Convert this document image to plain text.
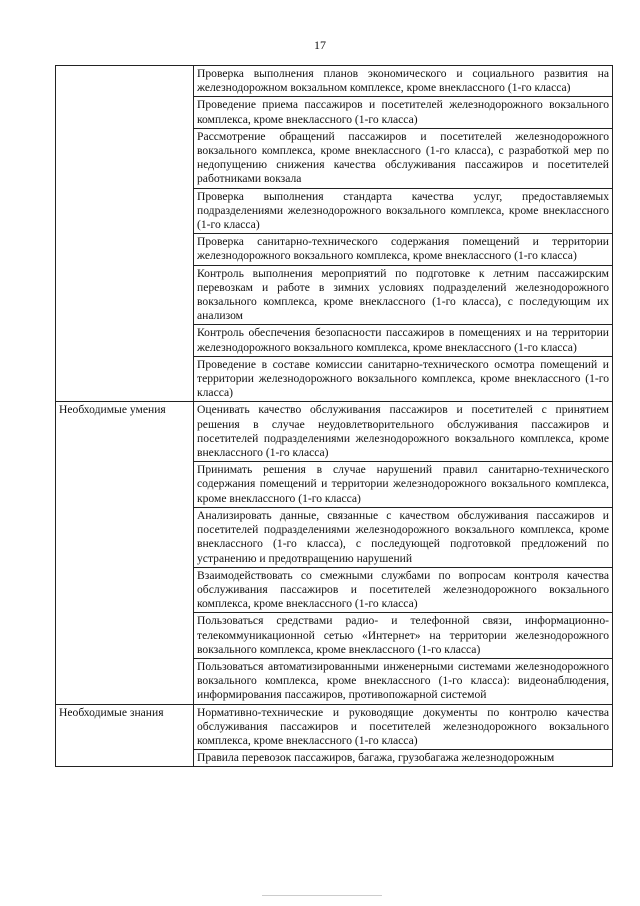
17
	Проверка выполнения планов экономического и социального развития на железнодорожном вокзальном комплексе, кроме внеклассного (1-го класса)
	Проведение приема пассажиров и посетителей железнодорожного вокзального комплекса, кроме внеклассного (1-го класса)
	Рассмотрение обращений пассажиров и посетителей железнодорожного вокзального комплекса, кроме внеклассного (1-го класса), с разработкой мер по недопущению снижения качества обслуживания пассажиров и посетителей работниками вокзала
	Проверка выполнения стандарта качества услуг, предоставляемых подразделениями железнодорожного вокзального комплекса, кроме внеклассного (1-го класса)
	Проверка санитарно-технического содержания помещений и территории железнодорожного вокзального комплекса, кроме внеклассного (1-го класса)
	Контроль выполнения мероприятий по подготовке к летним пассажирским перевозкам и работе в зимних условиях подразделений железнодорожного вокзального комплекса, кроме внеклассного (1-го класса), с последующим их анализом
	Контроль обеспечения безопасности пассажиров в помещениях и на территории железнодорожного вокзального комплекса, кроме внеклассного (1-го класса)
	Проведение в составе комиссии санитарно-технического осмотра помещений и территории железнодорожного вокзального комплекса, кроме внеклассного (1-го класса)
Необходимые умения	Оценивать качество обслуживания пассажиров и посетителей с принятием решения в случае неудовлетворительного обслуживания пассажиров и посетителей подразделениями железнодорожного вокзального комплекса, кроме внеклассного (1-го класса)
	Принимать решения в случае нарушений правил санитарно-технического содержания помещений и территории железнодорожного вокзального комплекса, кроме внеклассного (1-го класса)
	Анализировать данные, связанные с качеством обслуживания пассажиров и посетителей подразделениями железнодорожного вокзального комплекса, кроме внеклассного (1-го класса), с последующей подготовкой предложений по устранению и предотвращению нарушений
	Взаимодействовать со смежными службами по вопросам контроля качества обслуживания пассажиров и посетителей железнодорожного вокзального комплекса, кроме внеклассного (1-го класса)
	Пользоваться средствами радио- и телефонной связи, информационно-телекоммуникационной сетью «Интернет» на территории железнодорожного вокзального комплекса, кроме внеклассного (1-го класса)
	Пользоваться автоматизированными инженерными системами железнодорожного вокзального комплекса, кроме внеклассного (1-го класса): видеонаблюдения, информирования пассажиров, противопожарной системой
Необходимые знания	Нормативно-технические и руководящие документы по контролю качества обслуживания пассажиров и посетителей железнодорожного вокзального комплекса, кроме внеклассного (1-го класса)

	Правила перевозок пассажиров, багажа, грузобагажа железнодорожным
